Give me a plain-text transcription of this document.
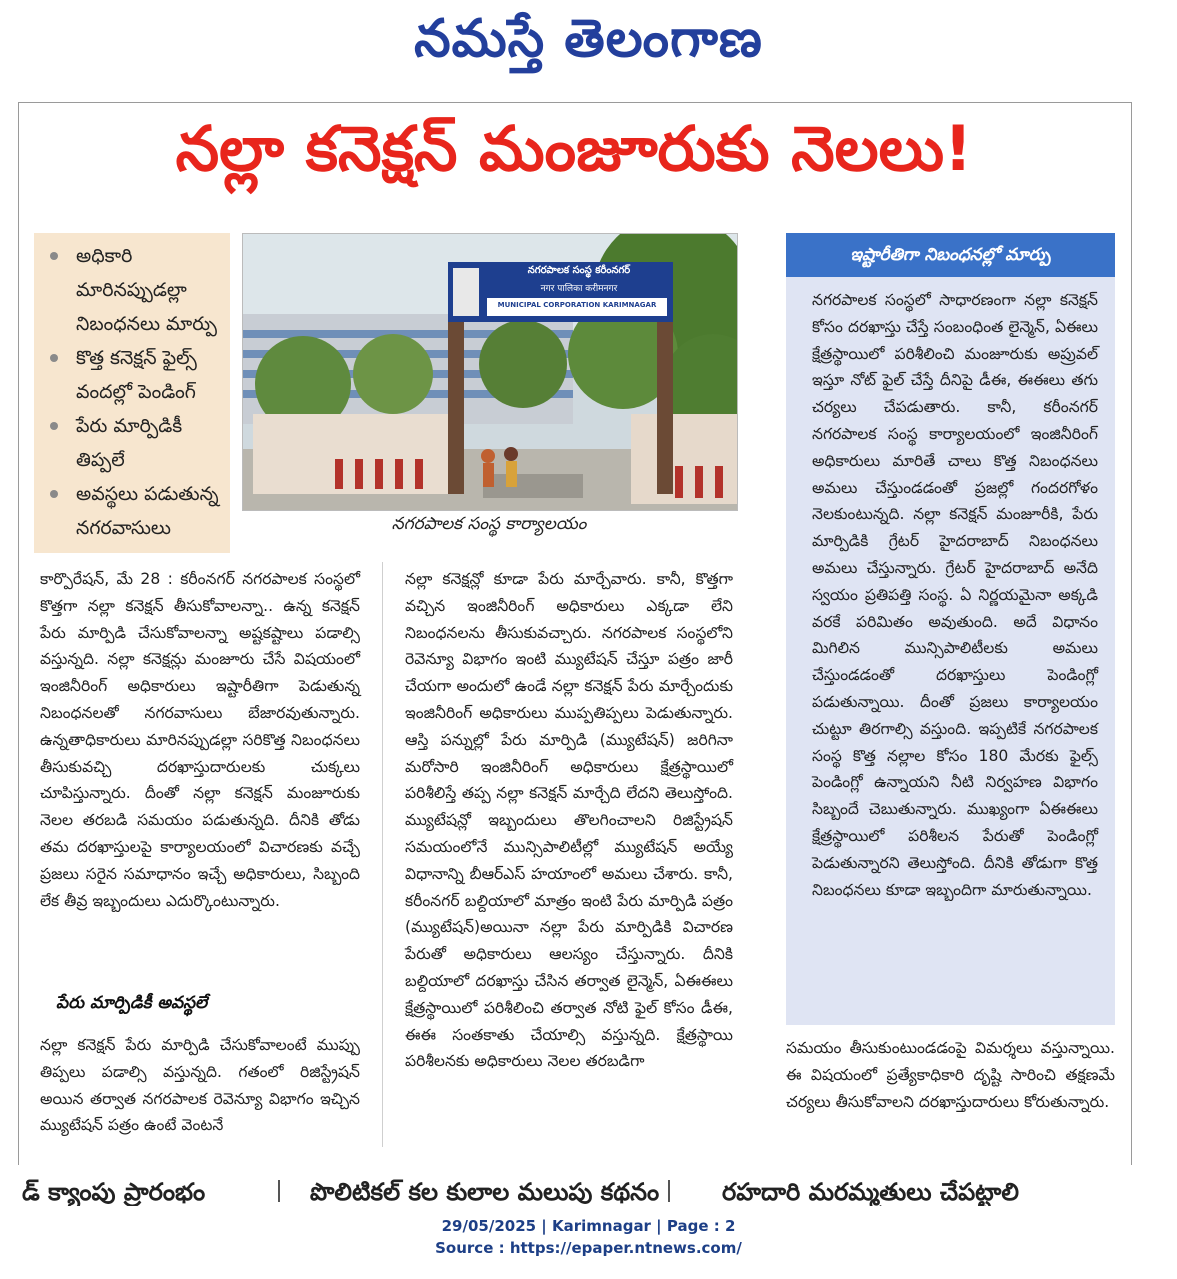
నమస్తే తెలంగాణ
నల్లా కనెక్షన్ మంజూరుకు నెలలు!
అధికారి మారినప్పుడల్లా నిబంధనలు మార్పు
కొత్త కనెక్షన్ ఫైల్స్ వందల్లో పెండింగ్
పేరు మార్పిడికీ తిప్పలే
అవస్థలు పడుతున్న నగరవాసులు
నగరపాలక సంస్థ కరీంనగర్
नगर पालिका करीमनगर
MUNICIPAL CORPORATION KARIMNAGAR
నగరపాలక సంస్థ కార్యాలయం

కార్పొరేషన్, మే 28 : కరీంనగర్ నగరపాలక సంస్థలో కొత్తగా నల్లా కనెక్షన్ తీసుకోవాలన్నా.. ఉన్న కనెక్షన్ పేరు మార్పిడి చేసుకోవాలన్నా అష్టకష్టాలు పడాల్సి వస్తున్నది. నల్లా కనెక్షన్లు మంజూరు చేసే విషయంలో ఇంజినీరింగ్ అధికారులు ఇష్టారీతిగా పెడుతున్న నిబంధనలతో నగరవాసులు బేజారవుతున్నారు. ఉన్నతాధికారులు మారినప్పుడల్లా సరికొత్త నిబంధనలు తీసుకువచ్చి దరఖాస్తుదారులకు చుక్కలు చూపిస్తున్నారు. దీంతో నల్లా కనెక్షన్ మంజూరుకు నెలల తరబడి సమయం పడుతున్నది. దీనికి తోడు తమ దరఖాస్తులపై కార్యాలయంలో విచారణకు వచ్చే ప్రజలు సరైన సమాధానం ఇచ్చే అధికారులు, సిబ్బంది లేక తీవ్ర ఇబ్బందులు ఎదుర్కొంటున్నారు.

పేరు మార్పిడికీ అవస్థలే

నల్లా కనెక్షన్ పేరు మార్పిడి చేసుకోవాలంటే ముప్పు తిప్పలు పడాల్సి వస్తున్నది. గతంలో రిజిస్ట్రేషన్ అయిన తర్వాత నగరపాలక రెవెన్యూ విభాగం ఇచ్చిన మ్యుటేషన్ పత్రం ఉంటే వెంటనే

నల్లా కనెక్షన్లో కూడా పేరు మార్చేవారు. కానీ, కొత్తగా వచ్చిన ఇంజినీరింగ్ అధికారులు ఎక్కడా లేని నిబంధనలను తీసుకువచ్చారు. నగరపాలక సంస్థలోని రెవెన్యూ విభాగం ఇంటి మ్యుటేషన్ చేస్తూ పత్రం జారీ చేయగా అందులో ఉండే నల్లా కనెక్షన్ పేరు మార్చేందుకు ఇంజినీరింగ్ అధికారులు ముప్పతిప్పలు పెడుతున్నారు. ఆస్తి పన్నుల్లో పేరు మార్పిడి (మ్యుటేషన్) జరిగినా మరోసారి ఇంజినీరింగ్ అధికారులు క్షేత్రస్థాయిలో పరిశీలిస్తే తప్ప నల్లా కనెక్షన్ మార్చేది లేదని తెలుస్తోంది. మ్యుటేషన్లో ఇబ్బందులు తొలగించాలని రిజిస్ట్రేషన్ సమయంలోనే మున్సిపాలిటీల్లో మ్యుటేషన్ అయ్యే విధానాన్ని బీఆర్ఎస్ హయాంలో అమలు చేశారు. కానీ, కరీంనగర్ బల్దియాలో మాత్రం ఇంటి పేరు మార్పిడి పత్రం (మ్యుటేషన్)అయినా నల్లా పేరు మార్పిడికి విచారణ పేరుతో అధికారులు ఆలస్యం చేస్తున్నారు. దీనికి బల్దియాలో దరఖాస్తు చేసిన తర్వాత లైన్మెన్, ఏఈఈలు క్షేత్రస్థాయిలో పరిశీలించి తర్వాత నోటి ఫైల్ కోసం డీఈ, ఈఈ సంతకాతు చేయాల్సి వస్తున్నది. క్షేత్రస్థాయి పరిశీలనకు అధికారులు నెలల తరబడిగా

ఇష్టారీతిగా నిబంధనల్లో మార్పు

నగరపాలక సంస్థలో సాధారణంగా నల్లా కనెక్షన్ కోసం దరఖాస్తు చేస్తే సంబంధింత లైన్మెన్, ఏఈలు క్షేత్రస్థాయిలో పరిశీలించి మంజూరుకు అప్రువల్ ఇస్తూ నోట్ ఫైల్ చేస్తే దీనిపై డీఈ, ఈఈలు తగు చర్యలు చేపడుతారు. కానీ, కరీంనగర్ నగరపాలక సంస్థ కార్యాలయంలో ఇంజినీరింగ్ అధికారులు మారితే చాలు కొత్త నిబంధనలు అమలు చేస్తుండడంతో ప్రజల్లో గందరగోళం నెలకుంటున్నది. నల్లా కనెక్షన్ మంజూరీకి, పేరు మార్పిడికి గ్రేటర్ హైదరాబాద్ నిబంధనలు అమలు చేస్తున్నారు. గ్రేటర్ హైదరాబాద్ అనేది స్వయం ప్రతిపత్తి సంస్థ. ఏ నిర్ణయమైనా అక్కడి వరకే పరిమితం అవుతుంది. అదే విధానం మిగిలిన మున్సిపాలిటీలకు అమలు చేస్తుండడంతో దరఖాస్తులు పెండింగ్లో పడుతున్నాయి. దీంతో ప్రజలు కార్యాలయం చుట్టూ తిరగాల్సి వస్తుంది. ఇప్పటికే నగరపాలక సంస్థ కొత్త నల్లాల కోసం 180 మేరకు ఫైల్స్ పెండింగ్లో ఉన్నాయని నీటి నిర్వహణ విభాగం సిబ్బందే చెబుతున్నారు. ముఖ్యంగా ఏఈఈలు క్షేత్రస్థాయిలో పరిశీలన పేరుతో పెండింగ్లో పెడుతున్నారని తెలుస్తోంది. దీనికి తోడుగా కొత్త నిబంధనలు కూడా ఇబ్బందిగా మారుతున్నాయి.

సమయం తీసుకుంటుండడంపై విమర్శలు వస్తున్నాయి. ఈ విషయంలో ప్రత్యేకాధికారి దృష్టి సారించి తక్షణమే చర్యలు తీసుకోవాలని దరఖాస్తుదారులు కోరుతున్నారు.

డ్ క్యాంపు ప్రారంభం	పొలిటికల్ కల కులాల మలుపు కథనం	రహదారి మరమ్మతులు చేపట్టాలి
29/05/2025 | Karimnagar | Page : 2
Source : https://epaper.ntnews.com/
